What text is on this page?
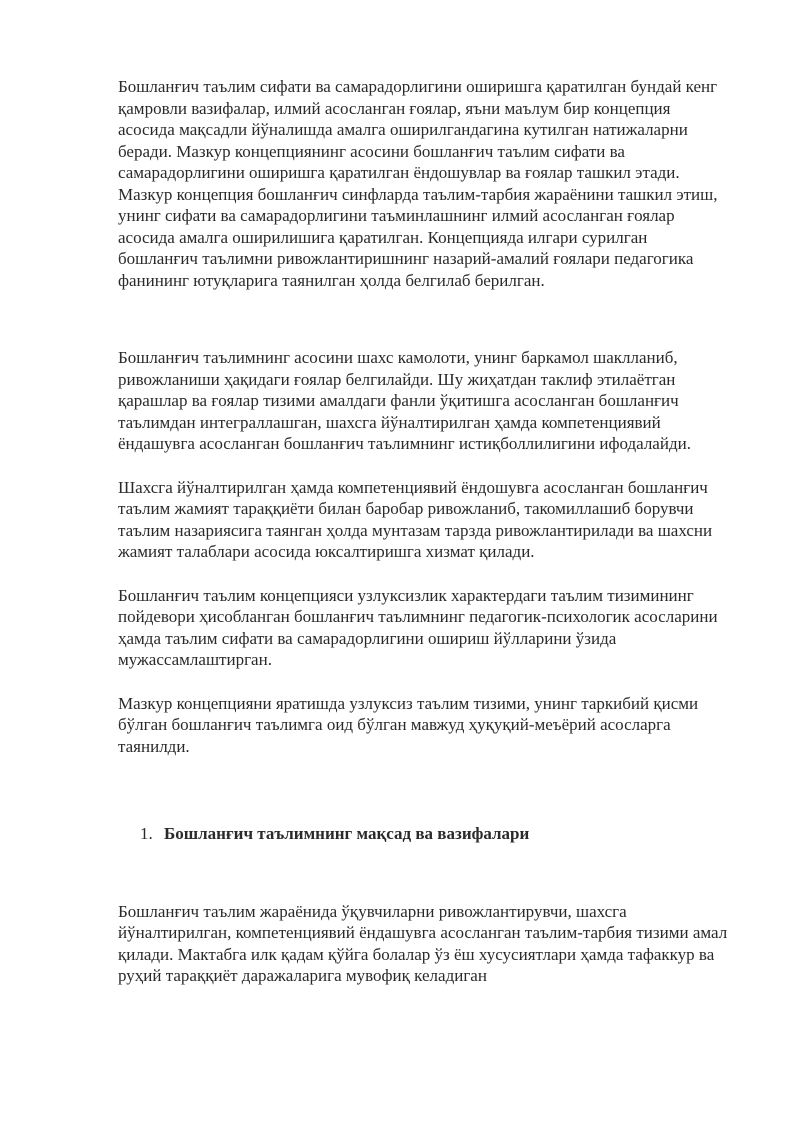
Бошланғич таълим сифати ва самарадорлигини оширишга қаратилган бундай кенг қамровли вазифалар, илмий асосланган ғоялар, яъни маълум бир концепция асосида мақсадли йўналишда амалга оширилгандагина кутилган натижаларни беради. Мазкур концепциянинг асосини бошланғич таълим сифати ва самарадорлигини оширишга қаратилган ёндошувлар ва ғоялар ташкил этади. Мазкур концепция бошланғич синфларда таълим-тарбия жараёнини ташкил этиш, унинг сифати ва самарадорлигини таъминлашнинг илмий асосланган ғоялар асосида амалга оширилишига қаратилган. Концепцияда илгари сурилган бошланғич таълимни ривожлантиришнинг назарий-амалий ғоялари педагогика фанининг ютуқларига таянилган ҳолда белгилаб берилган.

Бошланғич таълимнинг асосини шахс камолоти, унинг баркамол шаклланиб, ривожланиши ҳақидаги ғоялар белгилайди. Шу жиҳатдан таклиф этилаётган қарашлар ва ғоялар тизими амалдаги фанли ўқитишга асосланган бошланғич таълимдан интеграллашган, шахсга йўналтирилган ҳамда компетенциявий ёндашувга асосланган бошланғич таълимнинг истиқболлилигини ифодалайди.

Шахсга йўналтирилган ҳамда компетенциявий ёндошувга асосланган бошланғич таълим жамият тараққиёти билан баробар ривожланиб, такомиллашиб борувчи таълим назариясига таянган ҳолда мунтазам тарзда ривожлантирилади ва шахсни жамият талаблари асосида юксалтиришга хизмат қилади.

Бошланғич таълим концепцияси узлуксизлик характердаги таълим тизимининг пойдевори ҳисобланган бошланғич таълимнинг педагогик-психологик асосларини ҳамда таълим сифати ва самарадорлигини ошириш йўлларини ўзида мужассамлаштирган.

Мазкур концепцияни яратишда узлуксиз таълим тизими, унинг таркибий қисми бўлган бошланғич таълимга оид бўлган мавжуд ҳуқуқий-меъёрий асосларга таянилди.

1. Бошланғич таълимнинг мақсад ва вазифалари

Бошланғич таълим жараёнида ўқувчиларни ривожлантирувчи, шахсга йўналтирилган, компетенциявий ёндашувга асосланган таълим-тарбия тизими амал қилади. Мактабга илк қадам қўйга болалар ўз ёш хусусиятлари ҳамда тафаккур ва руҳий тараққиёт даражаларига мувофиқ келадиган
